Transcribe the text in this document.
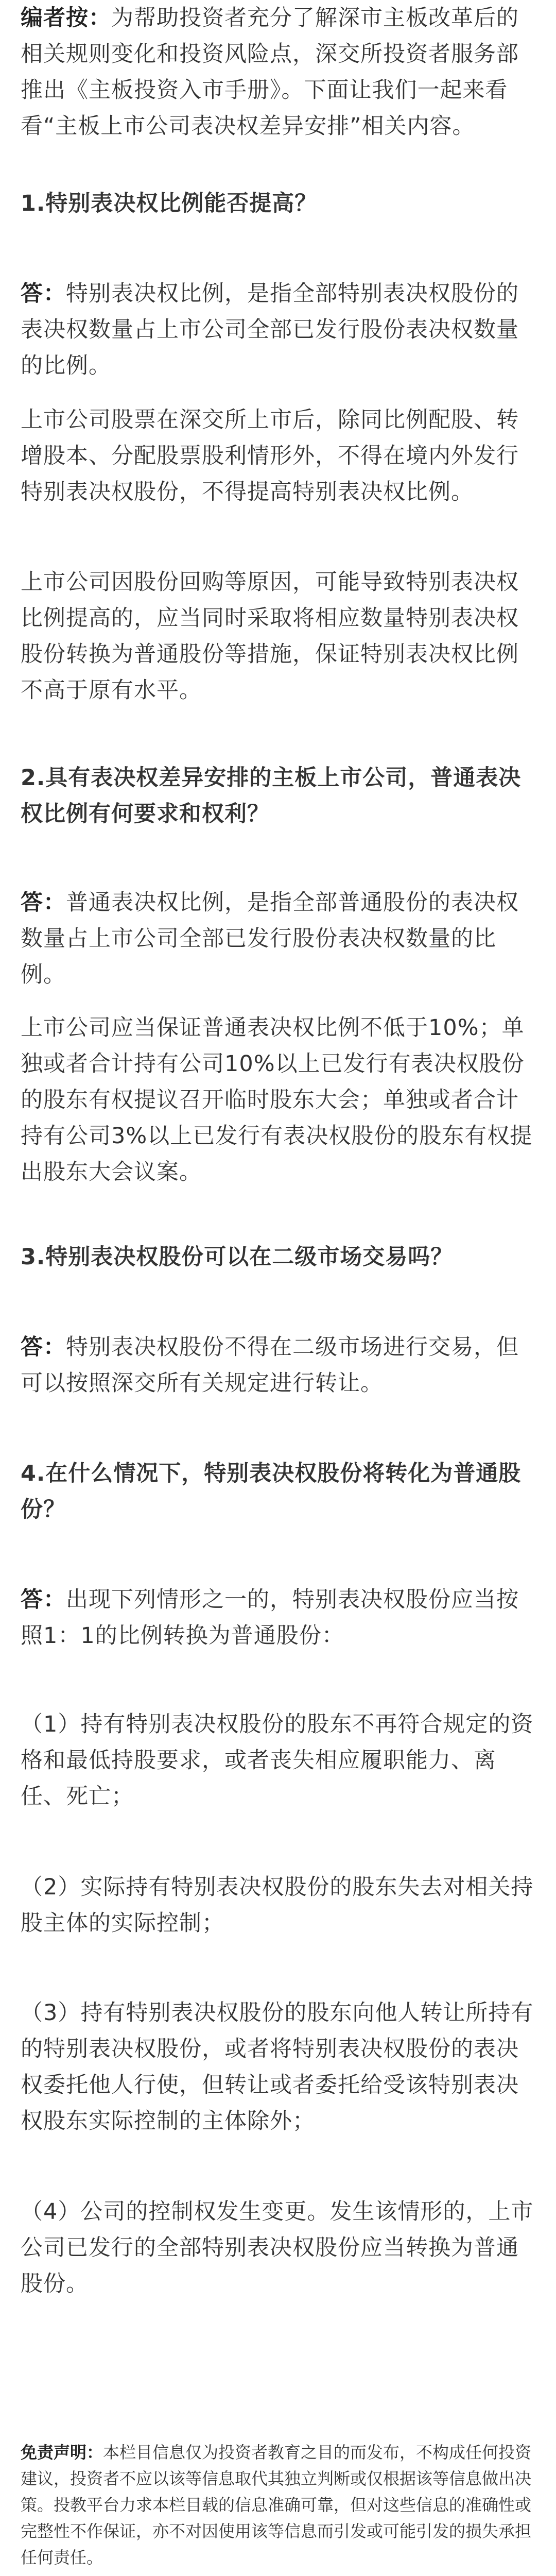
编者按：为帮助投资者充分了解深市主板改革后的相关规则变化和投资风险点，深交所投资者服务部推出《主板投资入市手册》。下面让我们一起来看看“主板上市公司表决权差异安排”相关内容。

1.特别表决权比例能否提高？

答：特别表决权比例，是指全部特别表决权股份的表决权数量占上市公司全部已发行股份表决权数量的比例。

上市公司股票在深交所上市后，除同比例配股、转增股本、分配股票股利情形外，不得在境内外发行特别表决权股份，不得提高特别表决权比例。

上市公司因股份回购等原因，可能导致特别表决权比例提高的，应当同时采取将相应数量特别表决权股份转换为普通股份等措施，保证特别表决权比例不高于原有水平。

2.具有表决权差异安排的主板上市公司，普通表决权比例有何要求和权利？

答：普通表决权比例，是指全部普通股份的表决权数量占上市公司全部已发行股份表决权数量的比例。

上市公司应当保证普通表决权比例不低于10%；单独或者合计持有公司10%以上已发行有表决权股份的股东有权提议召开临时股东大会；单独或者合计持有公司3%以上已发行有表决权股份的股东有权提出股东大会议案。

3.特别表决权股份可以在二级市场交易吗？

答：特别表决权股份不得在二级市场进行交易，但可以按照深交所有关规定进行转让。

4.在什么情况下，特别表决权股份将转化为普通股份？

答：出现下列情形之一的，特别表决权股份应当按照1：1的比例转换为普通股份：

（1）持有特别表决权股份的股东不再符合规定的资格和最低持股要求，或者丧失相应履职能力、离任、死亡；

（2）实际持有特别表决权股份的股东失去对相关持股主体的实际控制；

（3）持有特别表决权股份的股东向他人转让所持有的特别表决权股份，或者将特别表决权股份的表决权委托他人行使，但转让或者委托给受该特别表决权股东实际控制的主体除外；

（4）公司的控制权发生变更。发生该情形的，上市公司已发行的全部特别表决权股份应当转换为普通股份。

免责声明：本栏目信息仅为投资者教育之目的而发布，不构成任何投资建议，投资者不应以该等信息取代其独立判断或仅根据该等信息做出决策。投教平台力求本栏目载的信息准确可靠，但对这些信息的准确性或完整性不作保证，亦不对因使用该等信息而引发或可能引发的损失承担任何责任。
